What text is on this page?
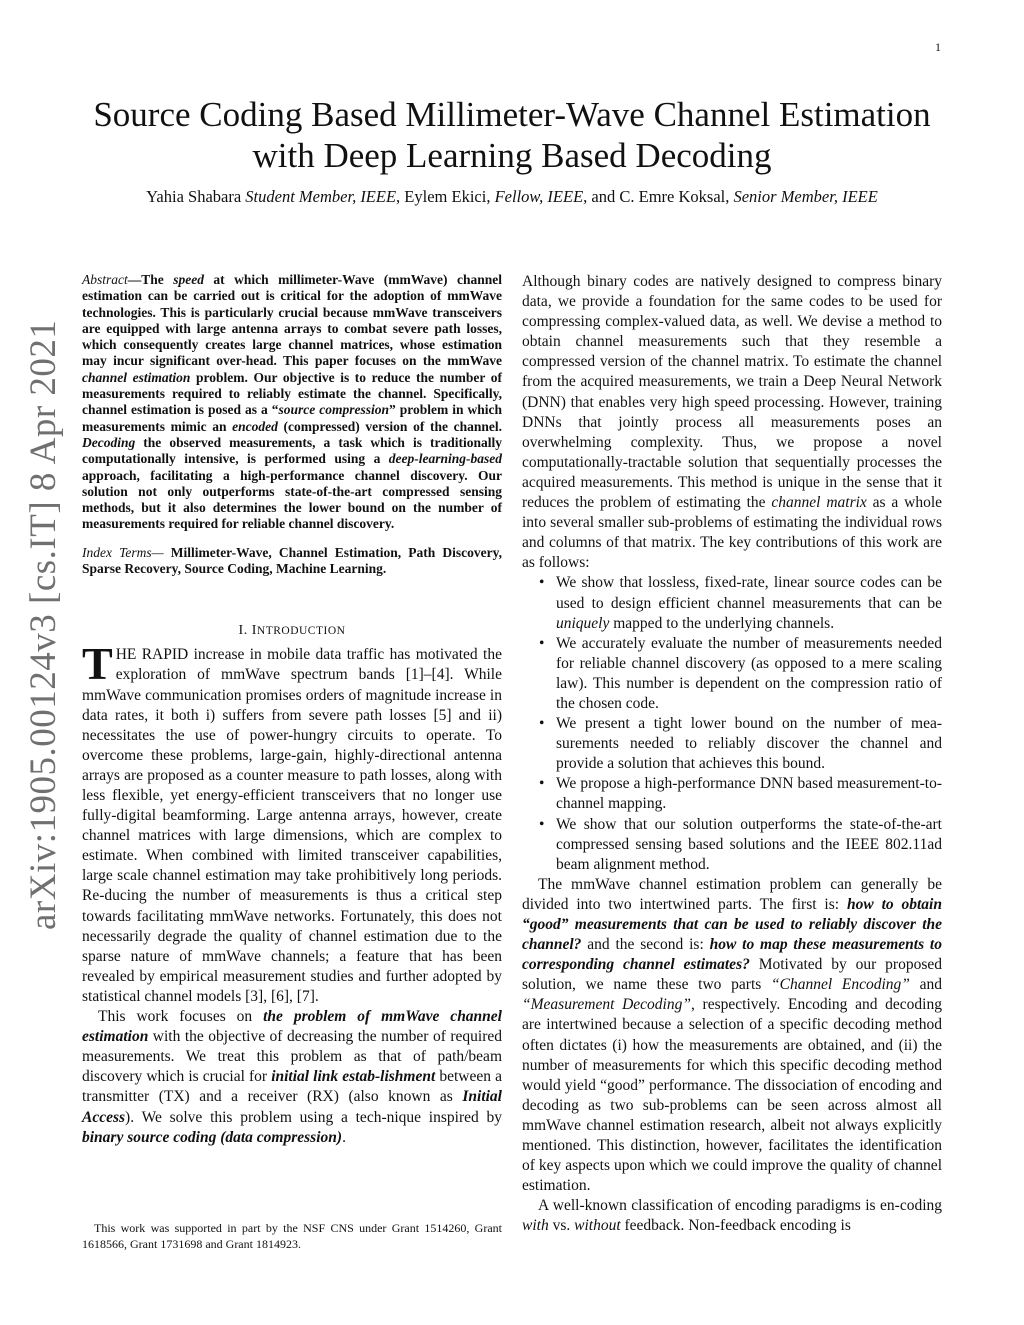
1
arXiv:1905.00124v3 [cs.IT] 8 Apr 2021
Source Coding Based Millimeter-Wave Channel Estimation with Deep Learning Based Decoding
Yahia Shabara Student Member, IEEE, Eylem Ekici, Fellow, IEEE, and C. Emre Koksal, Senior Member, IEEE

Abstract—The speed at which millimeter-Wave (mmWave) channel estimation can be carried out is critical for the adoption of mmWave technologies. This is particularly crucial because mmWave transceivers are equipped with large antenna arrays to combat severe path losses, which consequently creates large channel matrices, whose estimation may incur significant over-head. This paper focuses on the mmWave channel estimation problem. Our objective is to reduce the number of measurements required to reliably estimate the channel. Specifically, channel estimation is posed as a “source compression” problem in which measurements mimic an encoded (compressed) version of the channel. Decoding the observed measurements, a task which is traditionally computationally intensive, is performed using a deep-learning-based approach, facilitating a high-performance channel discovery. Our solution not only outperforms state-of-the-art compressed sensing methods, but it also determines the lower bound on the number of measurements required for reliable channel discovery.

Index Terms— Millimeter-Wave, Channel Estimation, Path Discovery, Sparse Recovery, Source Coding, Machine Learning.

I. INTRODUCTION

THE RAPID increase in mobile data traffic has motivated the exploration of mmWave spectrum bands [1]–[4]. While mmWave communication promises orders of magnitude increase in data rates, it both i) suffers from severe path losses [5] and ii) necessitates the use of power-hungry circuits to operate. To overcome these problems, large-gain, highly-directional antenna arrays are proposed as a counter measure to path losses, along with less flexible, yet energy-efficient transceivers that no longer use fully-digital beamforming. Large antenna arrays, however, create channel matrices with large dimensions, which are complex to estimate. When combined with limited transceiver capabilities, large scale channel estimation may take prohibitively long periods. Re-ducing the number of measurements is thus a critical step towards facilitating mmWave networks. Fortunately, this does not necessarily degrade the quality of channel estimation due to the sparse nature of mmWave channels; a feature that has been revealed by empirical measurement studies and further adopted by statistical channel models [3], [6], [7].

This work focuses on the problem of mmWave channel estimation with the objective of decreasing the number of required measurements. We treat this problem as that of path/beam discovery which is crucial for initial link estab-lishment between a transmitter (TX) and a receiver (RX) (also known as Initial Access). We solve this problem using a tech-nique inspired by binary source coding (data compression).

This work was supported in part by the NSF CNS under Grant 1514260, Grant 1618566, Grant 1731698 and Grant 1814923.

Although binary codes are natively designed to compress binary data, we provide a foundation for the same codes to be used for compressing complex-valued data, as well. We devise a method to obtain channel measurements such that they resemble a compressed version of the channel matrix. To estimate the channel from the acquired measurements, we train a Deep Neural Network (DNN) that enables very high speed processing. However, training DNNs that jointly process all measurements poses an overwhelming complexity. Thus, we propose a novel computationally-tractable solution that sequentially processes the acquired measurements. This method is unique in the sense that it reduces the problem of estimating the channel matrix as a whole into several smaller sub-problems of estimating the individual rows and columns of that matrix. The key contributions of this work are as follows:

• We show that lossless, fixed-rate, linear source codes can be used to design efficient channel measurements that can be uniquely mapped to the underlying channels.
• We accurately evaluate the number of measurements needed for reliable channel discovery (as opposed to a mere scaling law). This number is dependent on the compression ratio of the chosen code.
• We present a tight lower bound on the number of mea-surements needed to reliably discover the channel and provide a solution that achieves this bound.
• We propose a high-performance DNN based measurement-to-channel mapping.
• We show that our solution outperforms the state-of-the-art compressed sensing based solutions and the IEEE 802.11ad beam alignment method.

The mmWave channel estimation problem can generally be divided into two intertwined parts. The first is: how to obtain “good” measurements that can be used to reliably discover the channel? and the second is: how to map these measurements to corresponding channel estimates? Motivated by our proposed solution, we name these two parts “Channel Encoding” and “Measurement Decoding”, respectively. Encoding and decoding are intertwined because a selection of a specific decoding method often dictates (i) how the measurements are obtained, and (ii) the number of measurements for which this specific decoding method would yield “good” performance. The dissociation of encoding and decoding as two sub-problems can be seen across almost all mmWave channel estimation research, albeit not always explicitly mentioned. This distinction, however, facilitates the identification of key aspects upon which we could improve the quality of channel estimation.

A well-known classification of encoding paradigms is en-coding with vs. without feedback. Non-feedback encoding is
